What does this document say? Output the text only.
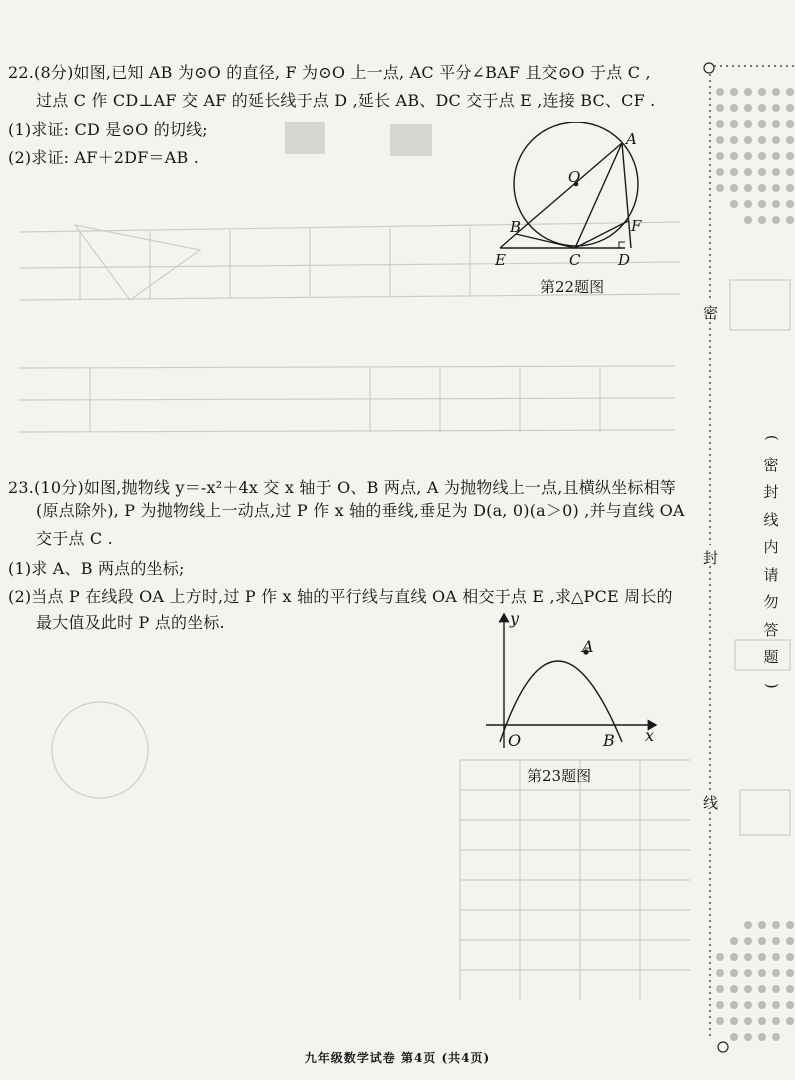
22.(8分)如图,已知 AB 为⊙O 的直径, F 为⊙O 上一点, AC 平分∠BAF 且交⊙O 于点 C ,
过点 C 作 CD⊥AF 交 AF 的延长线于点 D ,延长 AB、DC 交于点 E ,连接 BC、CF .
(1)求证: CD 是⊙O 的切线;
(2)求证: AF＋2DF＝AB .
A
O
B	F
E	C	D
第22题图
23.(10分)如图,抛物线 y＝-x²＋4x 交 x 轴于 O、B 两点, A 为抛物线上一点,且横纵坐标相等
(原点除外), P 为抛物线上一动点,过 P 作 x 轴的垂线,垂足为 D(a, 0)(a＞0) ,并与直线 OA
交于点 C .
(1)求 A、B 两点的坐标;
(2)当点 P 在线段 OA 上方时,过 P 作 x 轴的平行线与直线 OA 相交于点 E ,求△PCE 周长的
最大值及此时 P 点的坐标.	y
x
O
A
B
第23题图
密
封
线
(
密
封
线
内
请
勿
答
题
)
九年级数学试卷 第4页 (共4页)
